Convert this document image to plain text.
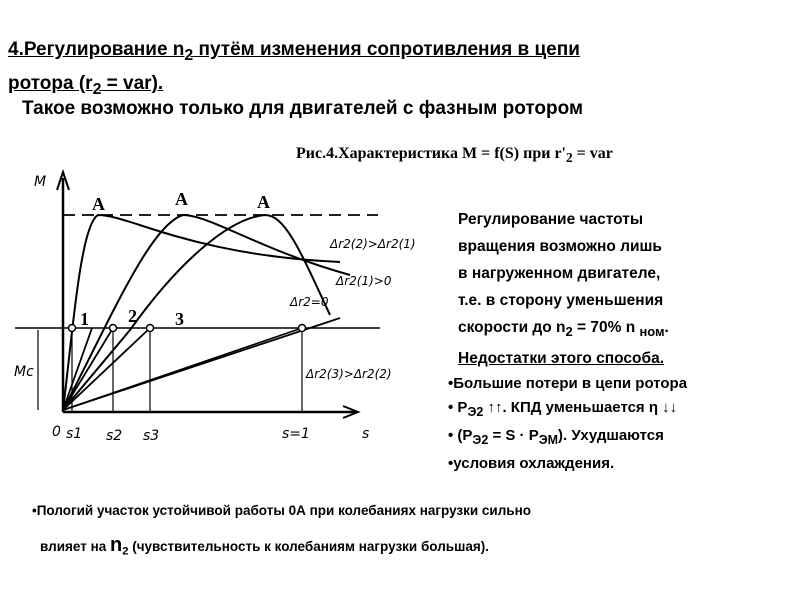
4.Регулирование $n_2$ путём изменения сопротивления в цепи
ротора $(r_2 = var)$.
Такое возможно только для двигателей с фазным ротором
Рис.4.Характеристика М = f(S) при $r'_2$ = var
А	А	А
1 2 3
М
s
Мс
0 s1 s2 s3	s=1
Δr2(2)>Δr2(1)
Δr2(1)>0
Δr2=0
Δr2(3)>Δr2(2)
Регулирование частоты
вращения возможно лишь
в нагруженном двигателе,
т.е. в сторону уменьшения
скорости до $n_2 = 70\%$ n $_{ном}$.
Недостатки этого способа.
•Большие потери в цепи ротора
• $Р_{Э2}$ ↑↑. КПД уменьшается η ↓↓
• $(Р_{Э2} = S \cdot Р_{ЭМ})$. Ухудшаются
•условия охлаждения.
•Пологий участок устойчивой работы 0А при колебаниях нагрузки сильно
влияет на $n_2$ (чувствительность к колебаниям нагрузки большая).
